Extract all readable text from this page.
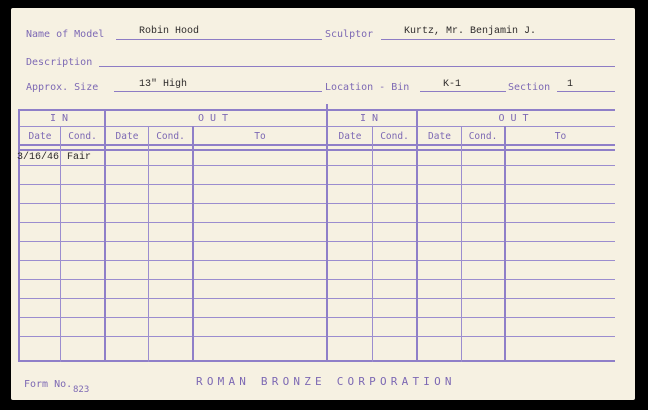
Name of Model	Robin Hood	Sculptor	Kurtz, Mr. Benjamin J.
Description
Approx. Size	13" High	Location - Bin	K-1	Section 1
IN	OUT	IN	OUT
Date	Cond.	Date	Cond.	To	Date	Cond.	Date	Cond.	To
3/16/46 Fair
Form No. 823
ROMAN BRONZE CORPORATION
